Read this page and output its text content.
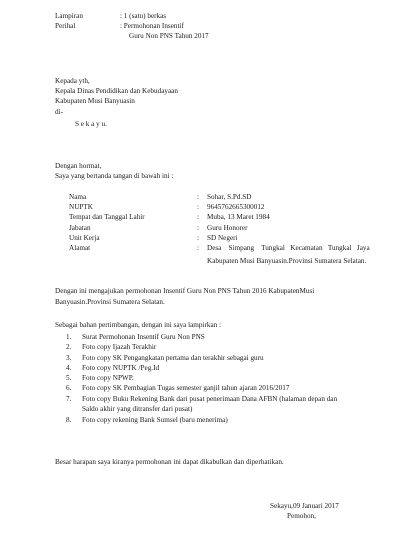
Lampiran	: 1 (satu) berkas
Perihal	: Permohonan Insentif
Guru Non PNS Tahun 2017
Kepada yth,
Kepala Dinas Pendidikan dan Kebudayaan
Kabupaten Musi Banyuasin
di-
S e k a y u.
Dengan hormat,
Saya yang bertanda tangan di bawah ini :
Nama	: Sohar, S.Pd.SD
NUPTK	: 9645762665300012
Tempat dan Tanggal Lahir	: Muba, 13 Maret 1984
Jabatan	: Guru Honorer
Unit Kerja	: SD Negeri
Alamat	: Desa    Simpang    Tungkal   Kecamatan   Tungkal   Jaya
Kabupaten Musi Banyuasin.Provinsi Sumatera Selatan.
Dengan ini mengajukan permohonan Insentif Guru Non PNS Tahun 2016 KabupatenMusi
Banyuasin.Provinsi Sumatera Selatan.
Sebagai bahan pertimbangan, dengan ini saya lampirkan :
1. Surat Permohonan Insentif Guru Non PNS
2. Foto copy Ijazah Terakhir
3. Foto copy SK Pengangkatan pertama dan terakhir sebagai guru
4. Foto copy NUPTK /Peg.Id
5. Foto copy NPWP.
6. Foto copy SK Pembagian Tugas semester ganjil tahun ajaran 2016/2017
7. Foto copy Buku Rekening Bank dari pusat penerimaan Dana AFBN (halaman depan dan
Saldo akhir yang ditransfer dari pusat)
8. Foto copy rekening Bank Sumsel (baru menerima)
Besar harapan saya kiranya permohonan ini dapat dikabulkan dan diperhatikan.
Sekayu,09 Januari 2017
Pemohon,
